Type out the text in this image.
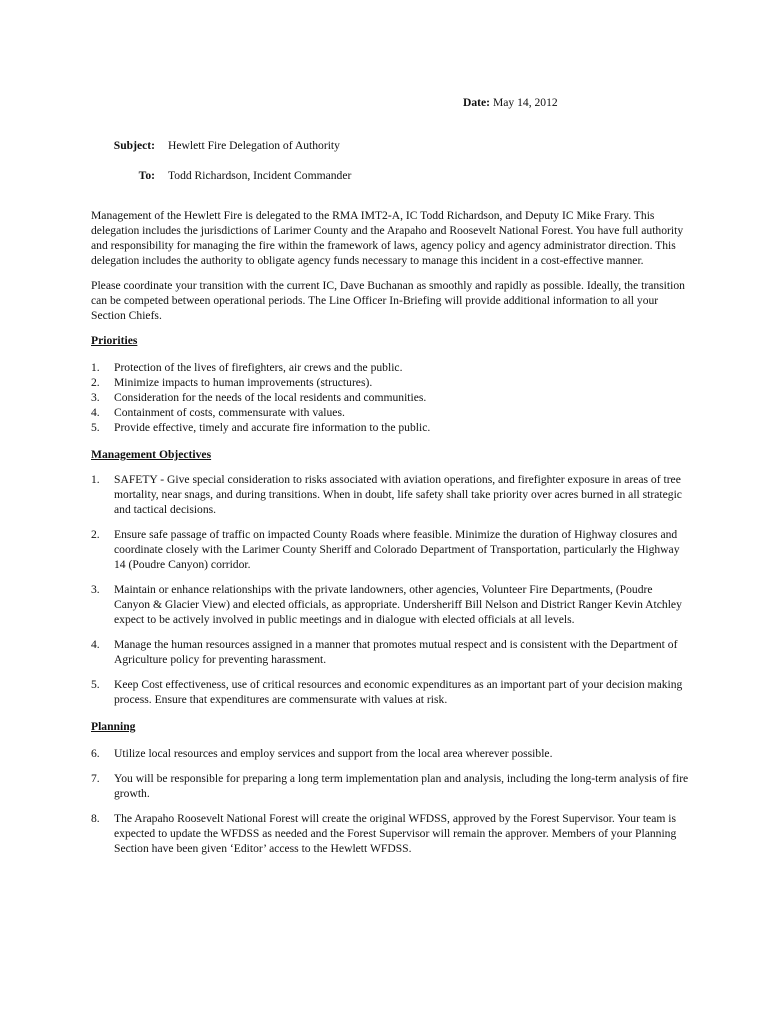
Date: May 14, 2012
Subject: Hewlett Fire Delegation of Authority
To: Todd Richardson, Incident Commander

Management of the Hewlett Fire is delegated to the RMA IMT2-A, IC Todd Richardson, and Deputy IC Mike Frary. This delegation includes the jurisdictions of Larimer County and the Arapaho and Roosevelt National Forest. You have full authority and responsibility for managing the fire within the framework of laws, agency policy and agency administrator direction. This delegation includes the authority to obligate agency funds necessary to manage this incident in a cost-effective manner.

Please coordinate your transition with the current IC, Dave Buchanan as smoothly and rapidly as possible. Ideally, the transition can be competed between operational periods. The Line Officer In-Briefing will provide additional information to all your Section Chiefs.

Priorities
1. Protection of the lives of firefighters, air crews and the public.
2. Minimize impacts to human improvements (structures).
3. Consideration for the needs of the local residents and communities.
4. Containment of costs, commensurate with values.
5. Provide effective, timely and accurate fire information to the public.
Management Objectives
1. SAFETY - Give special consideration to risks associated with aviation operations, and firefighter exposure in areas of tree mortality, near snags, and during transitions. When in doubt, life safety shall take priority over acres burned in all strategic and tactical decisions.
2. Ensure safe passage of traffic on impacted County Roads where feasible. Minimize the duration of Highway closures and coordinate closely with the Larimer County Sheriff and Colorado Department of Transportation, particularly the Highway 14 (Poudre Canyon) corridor.
3. Maintain or enhance relationships with the private landowners, other agencies, Volunteer Fire Departments, (Poudre Canyon & Glacier View) and elected officials, as appropriate. Undersheriff Bill Nelson and District Ranger Kevin Atchley expect to be actively involved in public meetings and in dialogue with elected officials at all levels.
4. Manage the human resources assigned in a manner that promotes mutual respect and is consistent with the Department of Agriculture policy for preventing harassment.
5. Keep Cost effectiveness, use of critical resources and economic expenditures as an important part of your decision making process. Ensure that expenditures are commensurate with values at risk.
Planning
6. Utilize local resources and employ services and support from the local area wherever possible.
7. You will be responsible for preparing a long term implementation plan and analysis, including the long-term analysis of fire growth.
8. The Arapaho Roosevelt National Forest will create the original WFDSS, approved by the Forest Supervisor. Your team is expected to update the WFDSS as needed and the Forest Supervisor will remain the approver. Members of your Planning Section have been given ‘Editor’ access to the Hewlett WFDSS.
